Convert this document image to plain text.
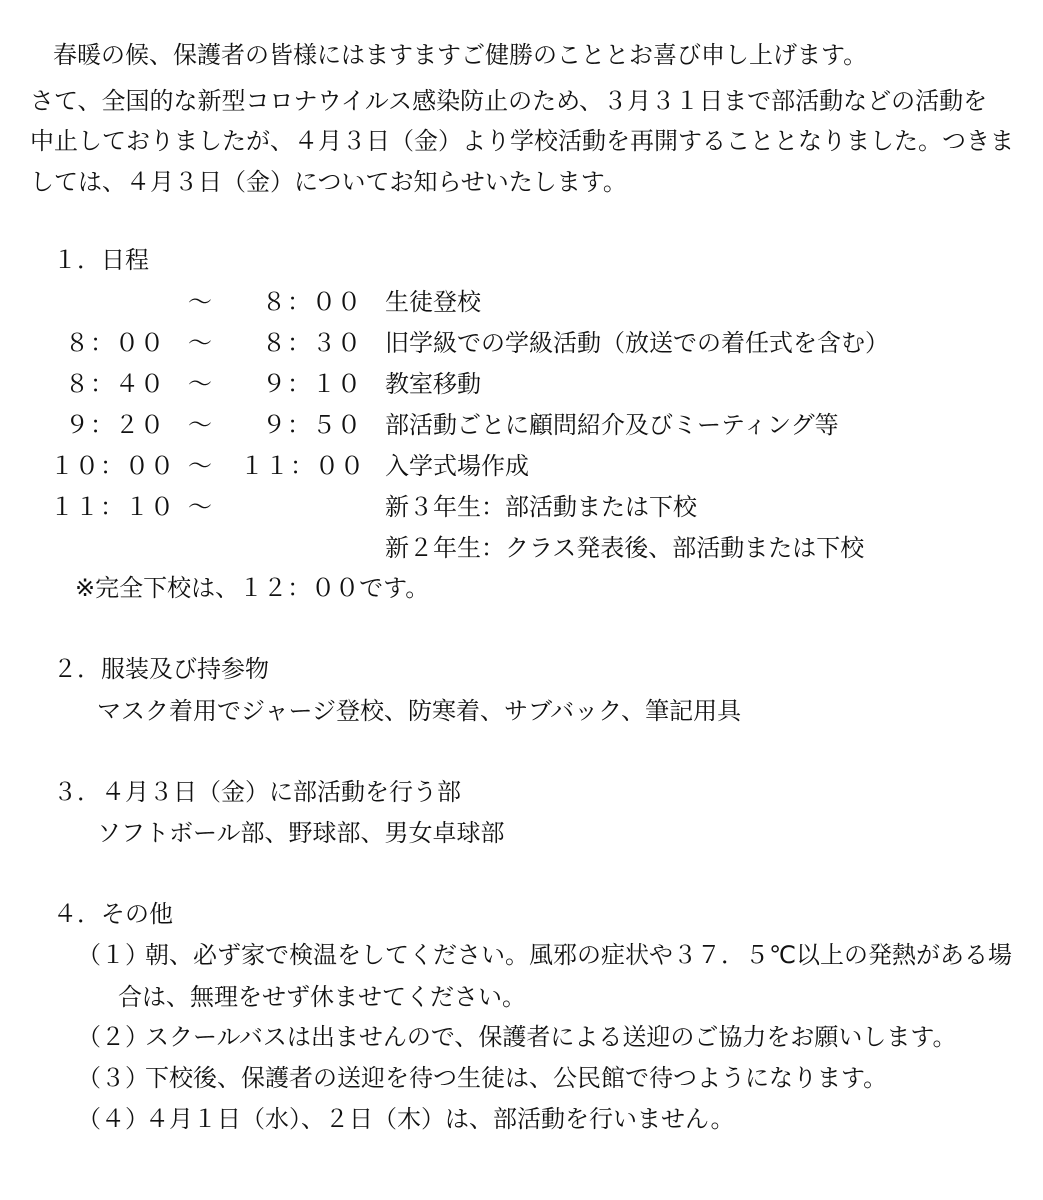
春暖の候、保護者の皆様にはますますご健勝のこととお喜び申し上げます。
さて、全国的な新型コロナウイルス感染防止のため、３月３１日まで部活動などの活動を
中止しておりましたが、４月３日（金）より学校活動を再開することとなりました。つきま
しては、４月３日（金）についてお知らせいたします。
１．日程
～	８：００ 生徒登校
８：００ ～	８：３０ 旧学級での学級活動（放送での着任式を含む）
８：４０ ～	９：１０ 教室移動
９：２０ ～	９：５０ 部活動ごとに顧問紹介及びミーティング等
１０：００ ～ １１：００ 入学式場作成
１１：１０ ～	新３年生：部活動または下校
新２年生：クラス発表後、部活動または下校
※完全下校は、１２：００です。
２．服装及び持参物
マスク着用でジャージ登校、防寒着、サブバック、筆記用具
３．４月３日（金）に部活動を行う部
ソフトボール部、野球部、男女卓球部
４．その他
（１）
朝、必ず家で検温をしてください。風邪の症状や３７．５℃以上の発熱がある場
合は、無理をせず休ませてください。
（２）
スクールバスは出ませんので、保護者による送迎のご協力をお願いします。
（３）
下校後、保護者の送迎を待つ生徒は、公民館で待つようになります。
（４）
４月１日（水）、２日（木）は、部活動を行いません。
